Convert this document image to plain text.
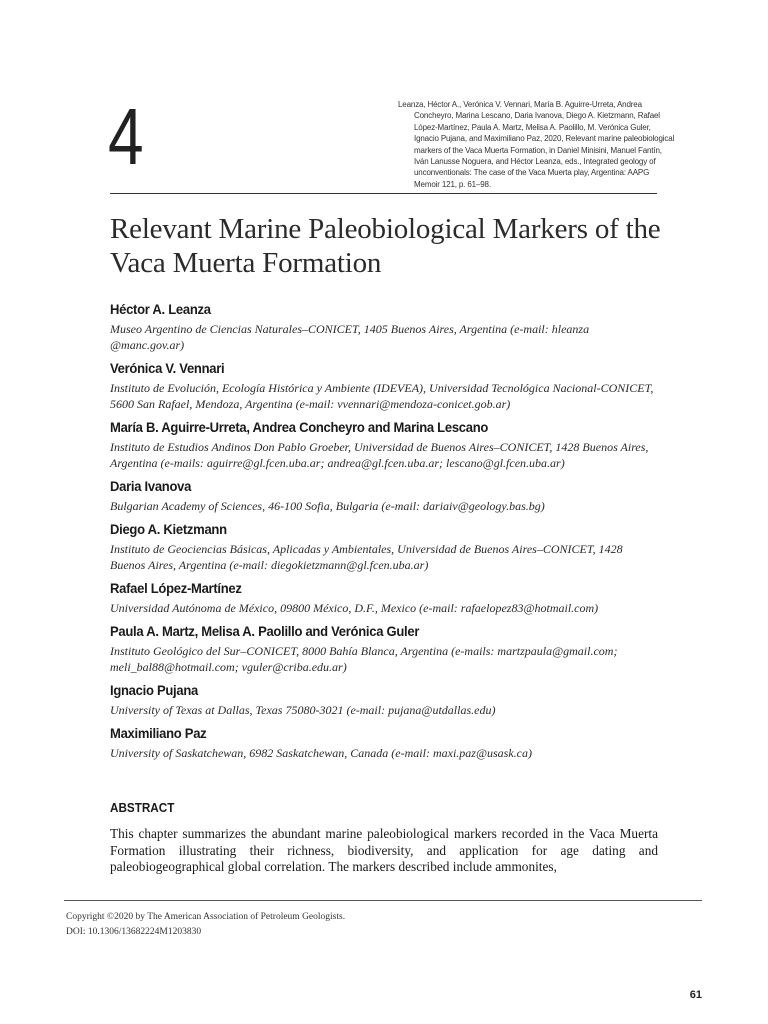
4	Leanza, Héctor A., Verónica V. Vennari, María B. Aguirre-Urreta, Andrea Concheyro, Marina Lescano, Daria Ivanova, Diego A. Kietzmann, Rafael López-Martínez, Paula A. Martz, Melisa A. Paolillo, M. Verónica Guler, Ignacio Pujana, and Maximiliano Paz, 2020, Relevant marine paleobiological markers of the Vaca Muerta Formation, in Daniel Minisini, Manuel Fantín, Iván Lanusse Noguera, and Héctor Leanza, eds., Integrated geology of unconventionals: The case of the Vaca Muerta play, Argentina: AAPG Memoir 121, p. 61–98.
Relevant Marine Paleobiological Markers of the Vaca Muerta Formation
Héctor A. Leanza
Museo Argentino de Ciencias Naturales–CONICET, 1405 Buenos Aires, Argentina (e-mail: hleanza @manc.gov.ar)
Verónica V. Vennari
Instituto de Evolución, Ecología Histórica y Ambiente (IDEVEA), Universidad Tecnológica Nacional-CONICET, 5600 San Rafael, Mendoza, Argentina (e-mail: vvennari@mendoza-conicet.gob.ar)
María B. Aguirre-Urreta, Andrea Concheyro and Marina Lescano
Instituto de Estudios Andinos Don Pablo Groeber, Universidad de Buenos Aires–CONICET, 1428 Buenos Aires, Argentina (e-mails: aguirre@gl.fcen.uba.ar; andrea@gl.fcen.uba.ar; lescano@gl.fcen.uba.ar)
Daria Ivanova
Bulgarian Academy of Sciences, 46-100 Sofia, Bulgaria (e-mail: dariaiv@geology.bas.bg)
Diego A. Kietzmann
Instituto de Geociencias Básicas, Aplicadas y Ambientales, Universidad de Buenos Aires–CONICET, 1428 Buenos Aires, Argentina (e-mail: diegokietzmann@gl.fcen.uba.ar)
Rafael López-Martínez
Universidad Autónoma de México, 09800 México, D.F., Mexico (e-mail: rafaelopez83@hotmail.com)
Paula A. Martz, Melisa A. Paolillo and Verónica Guler
Instituto Geológico del Sur–CONICET, 8000 Bahía Blanca, Argentina (e-mails: martzpaula@gmail.com; meli_bal88@hotmail.com; vguler@criba.edu.ar)
Ignacio Pujana
University of Texas at Dallas, Texas 75080-3021 (e-mail: pujana@utdallas.edu)
Maximiliano Paz
University of Saskatchewan, 6982 Saskatchewan, Canada (e-mail: maxi.paz@usask.ca)
ABSTRACT
This chapter summarizes the abundant marine paleobiological markers recorded in the Vaca Muerta Formation illustrating their richness, biodiversity, and application for age dating and paleobiogeographical global correlation. The markers described include ammonites,
Copyright ©2020 by The American Association of Petroleum Geologists.
DOI: 10.1306/13682224M1203830
61
